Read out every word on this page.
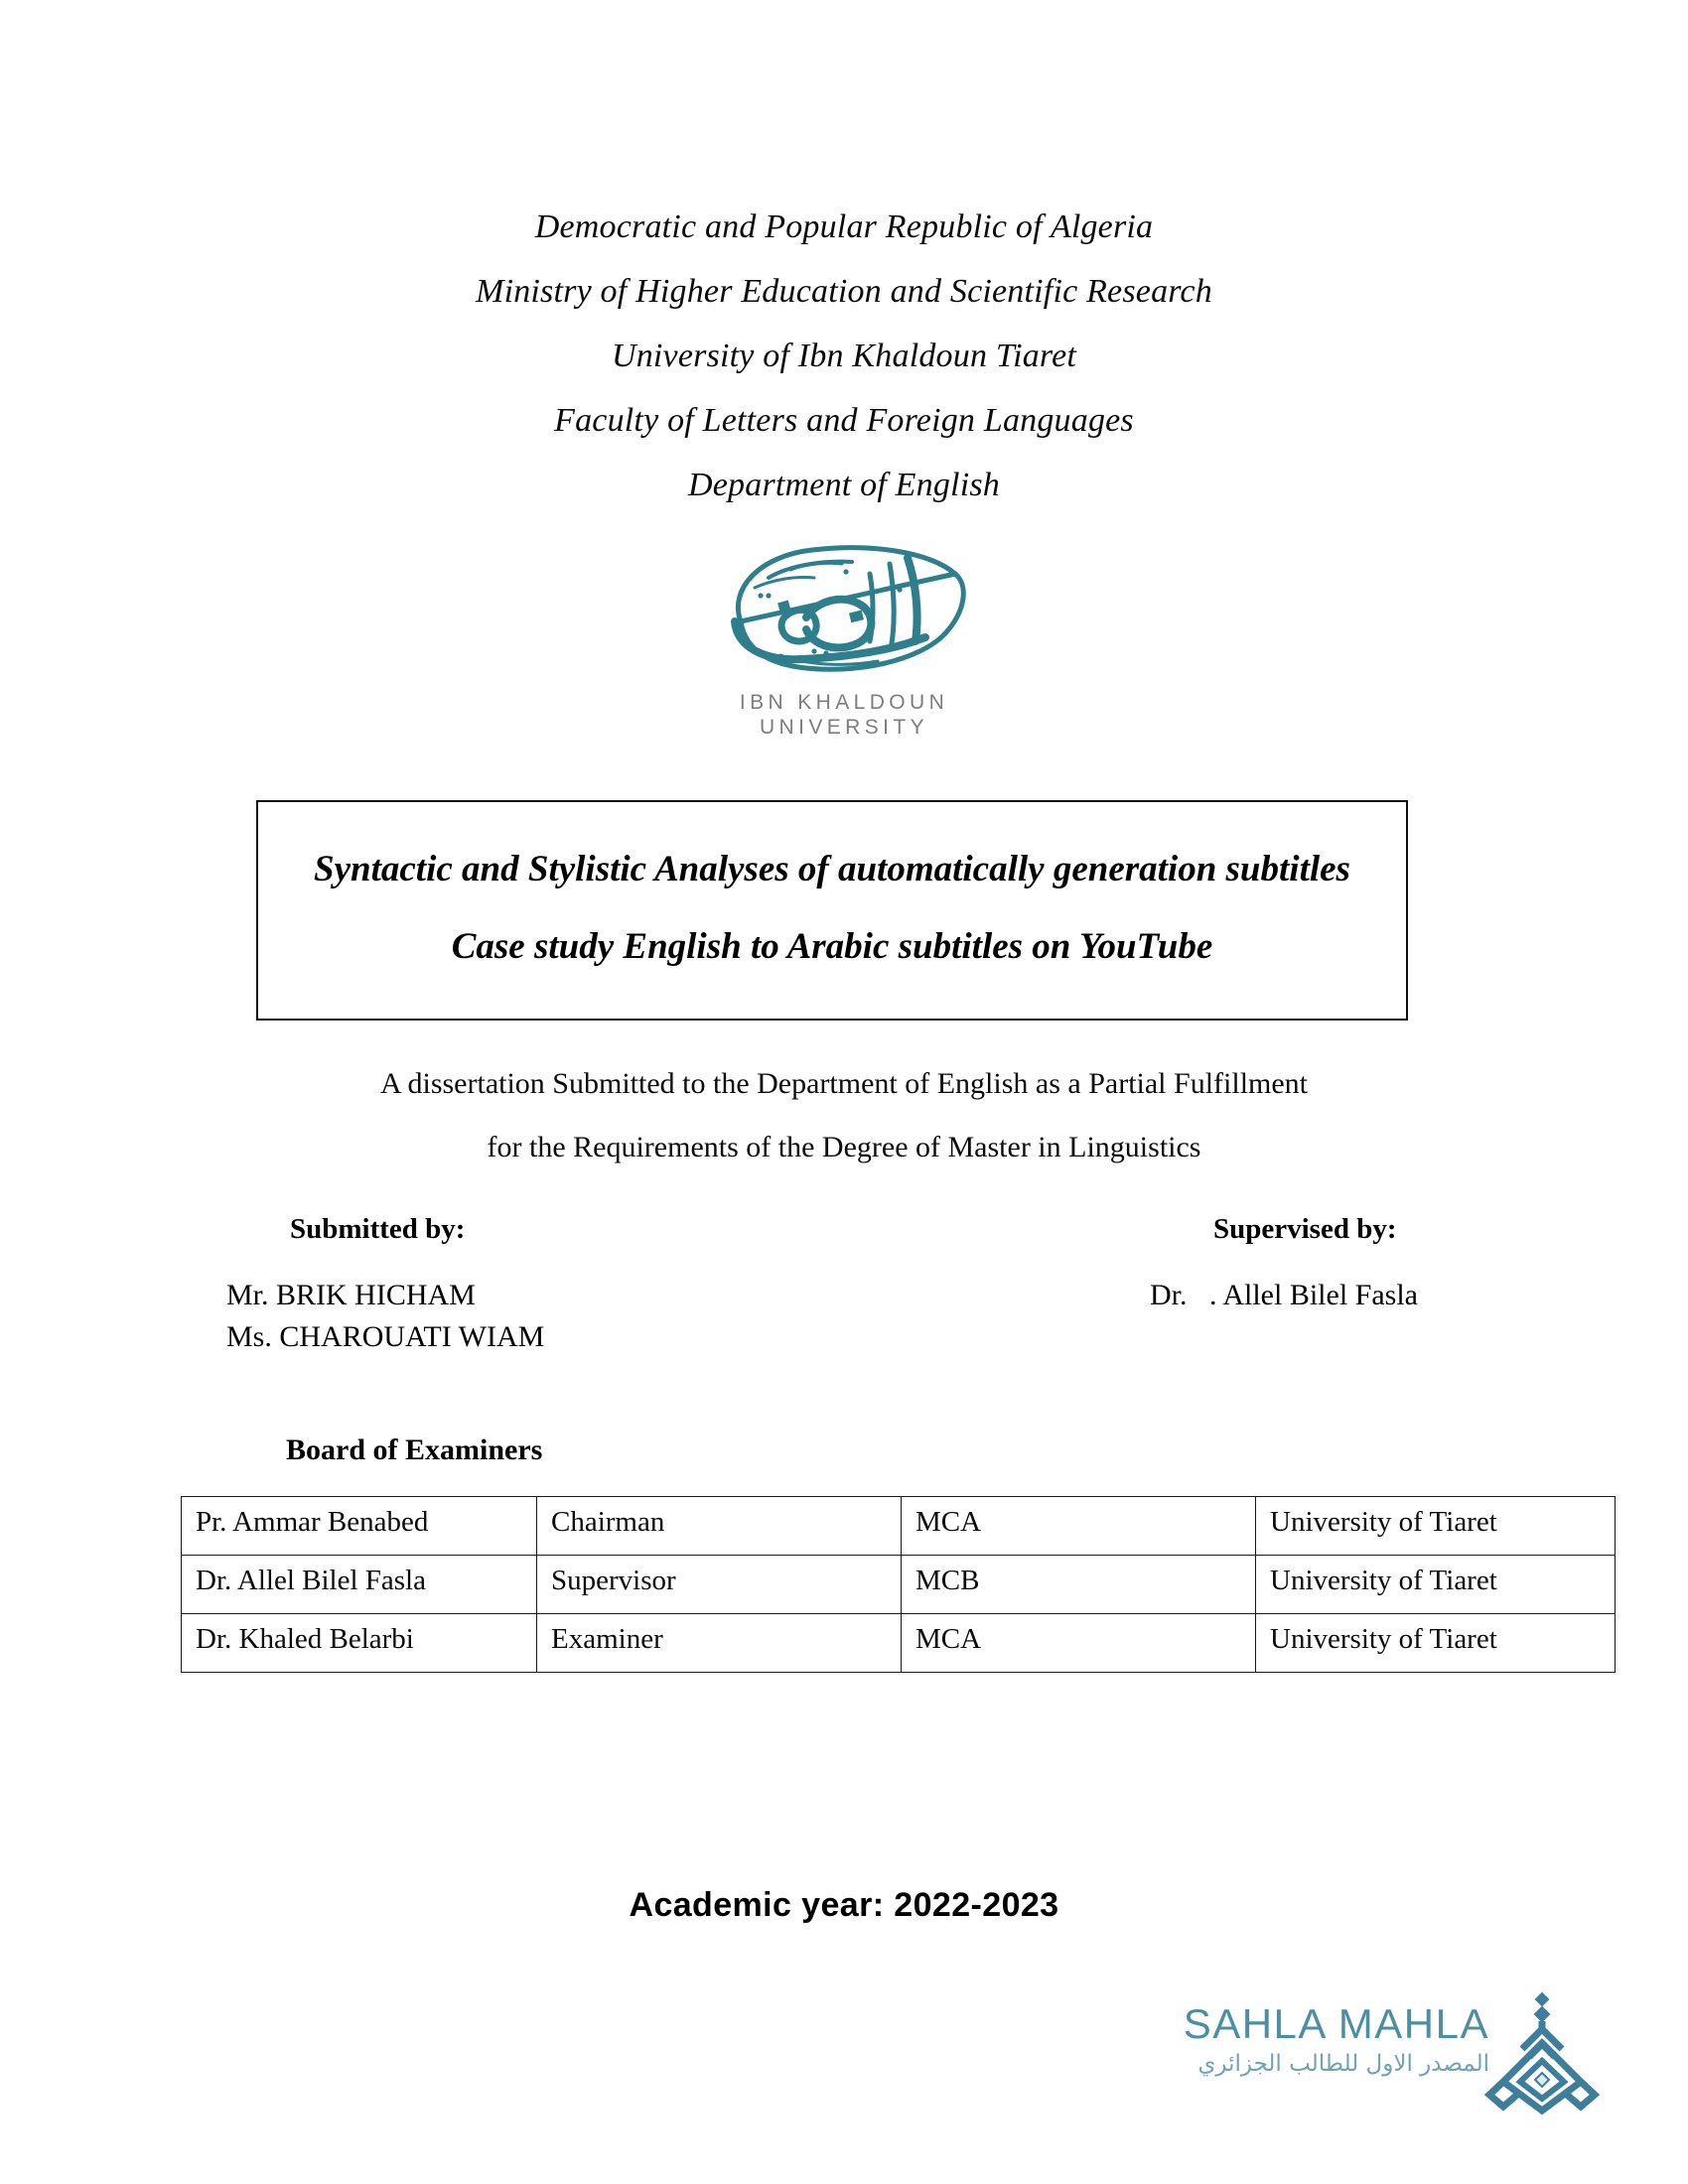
Democratic and Popular Republic of Algeria
Ministry of Higher Education and Scientific Research
University of Ibn Khaldoun Tiaret
Faculty of Letters and Foreign Languages
Department of English
IBN KHALDOUN
UNIVERSITY
Syntactic and Stylistic Analyses of automatically generation subtitles
Case study English to Arabic subtitles on YouTube
A dissertation Submitted to the Department of English as a Partial Fulfillment
for the Requirements of the Degree of Master in Linguistics
Submitted by:	Supervised by:
Mr. BRIK HICHAM
Ms. CHAROUATI WIAM
Dr.   . Allel Bilel Fasla
Board of Examiners
Pr. Ammar Benabed	Chairman	MCA	University of Tiaret
Dr. Allel Bilel Fasla	Supervisor	MCB	University of Tiaret
Dr. Khaled Belarbi	Examiner	MCA	University of Tiaret
Academic year: 2022-2023
SAHLA MAHLA
المصدر الاول للطالب الجزائري
